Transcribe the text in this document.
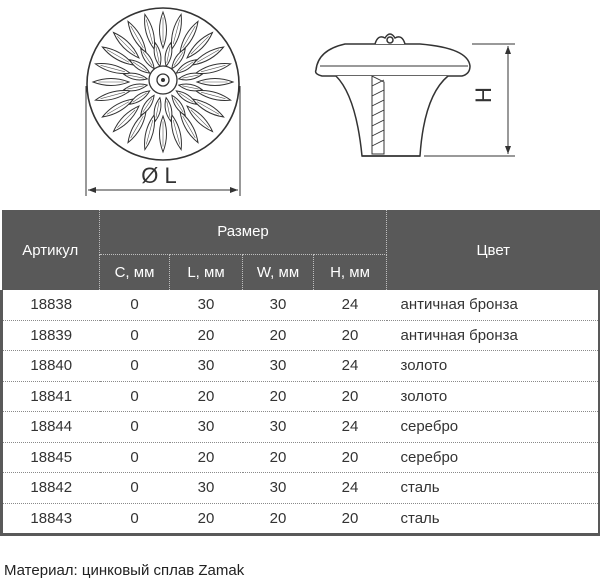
Ø L
H
Артикул	Размер				Цвет
	C, мм	L, мм	W, мм	H, мм	
18838	0	30	30	24	античная бронза
18839	0	20	20	20	античная бронза
18840	0	30	30	24	золото
18841	0	20	20	20	золото
18844	0	30	30	24	серебро
18845	0	20	20	20	серебро
18842	0	30	30	24	сталь
18843	0	20	20	20	сталь
Материал: цинковый сплав Zamak
